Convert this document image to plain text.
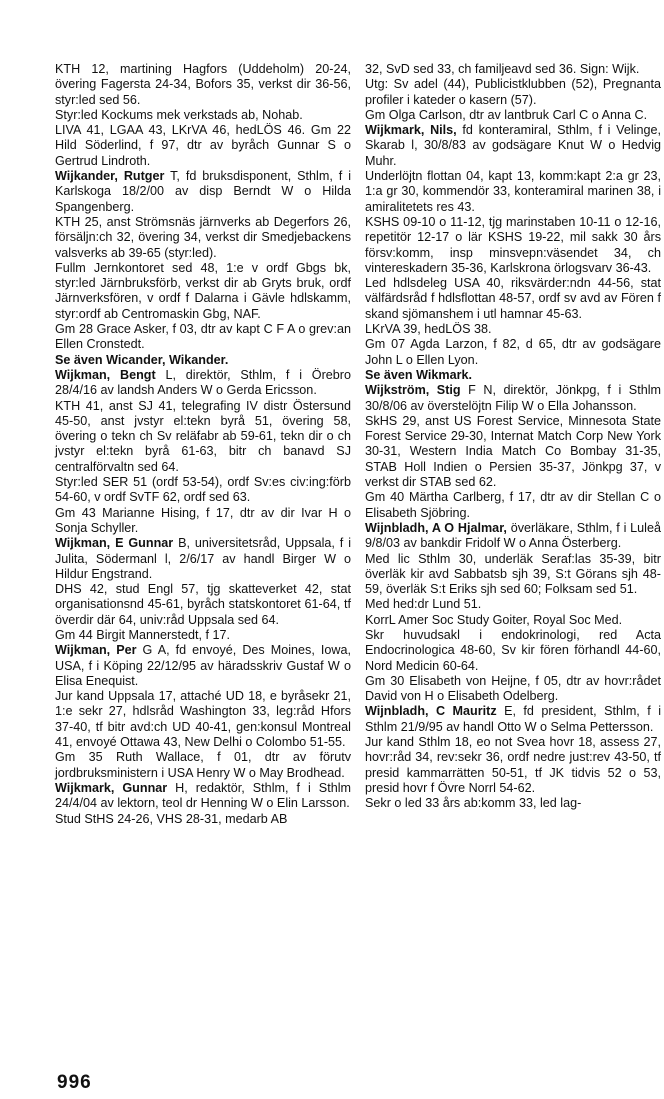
KTH 12, martining Hagfors (Uddeholm) 20-24, övering Fagersta 24-34, Bofors 35, verkst dir 36-56, styr:led sed 56.
Styr:led Kockums mek verkstads ab, Nohab.
LIVA 41, LGAA 43, LKrVA 46, hedLÖS 46. Gm 22 Hild Söderlind, f 97, dtr av byråch Gunnar S o Gertrud Lindroth.
Wijkander, Rutger T, fd bruksdisponent, Sthlm, f i Karlskoga 18/2/00 av disp Berndt W o Hilda Spangenberg.
KTH 25, anst Strömsnäs järnverks ab Degerfors 26, försäljn:ch 32, övering 34, verkst dir Smedjebackens valsverks ab 39-65 (styr:led).
Fullm Jernkontoret sed 48, 1:e v ordf Gbgs bk, styr:led Järnbruksförb, verkst dir ab Gryts bruk, ordf Järnverksfören, v ordf f Dalarna i Gävle hdlskamm, styr:ordf ab Centromaskin Gbg, NAF.
Gm 28 Grace Asker, f 03, dtr av kapt C F A o grev:an Ellen Cronstedt.
Se även Wicander, Wikander.
Wijkman, Bengt L, direktör, Sthlm, f i Örebro 28/4/16 av landsh Anders W o Gerda Ericsson.
KTH 41, anst SJ 41, telegrafing IV distr Östersund 45-50, anst jvstyr el:tekn byrå 51, övering 58, övering o tekn ch Sv reläfabr ab 59-61, tekn dir o ch jvstyr el:tekn byrå 61-63, bitr ch banavd SJ centralförvaltn sed 64.
Styr:led SER 51 (ordf 53-54), ordf Sv:es civ:ing:förb 54-60, v ordf SvTF 62, ordf sed 63.
Gm 43 Marianne Hising, f 17, dtr av dir Ivar H o Sonja Schyller.
Wijkman, E Gunnar B, universitetsråd, Uppsala, f i Julita, Södermanl l, 2/6/17 av handl Birger W o Hildur Engstrand.
DHS 42, stud Engl 57, tjg skatteverket 42, stat organisationsnd 45-61, byråch statskontoret 61-64, tf överdir där 64, univ:råd Uppsala sed 64.
Gm 44 Birgit Mannerstedt, f 17.
Wijkman, Per G A, fd envoyé, Des Moines, Iowa, USA, f i Köping 22/12/95 av häradsskriv Gustaf W o Elisa Enequist.
Jur kand Uppsala 17, attaché UD 18, e byråsekr 21, 1:e sekr 27, hdlsråd Washington 33, leg:råd Hfors 37-40, tf bitr avd:ch UD 40-41, gen:konsul Montreal 41, envoyé Ottawa 43, New Delhi o Colombo 51-55.
Gm 35 Ruth Wallace, f 01, dtr av förutv jordbruksministern i USA Henry W o May Brodhead.
Wijkmark, Gunnar H, redaktör, Sthlm, f i Sthlm 24/4/04 av lektorn, teol dr Henning W o Elin Larsson.
Stud StHS 24-26, VHS 28-31, medarb AB
32, SvD sed 33, ch familjeavd sed 36. Sign: Wijk.
Utg: Sv adel (44), Publicistklubben (52), Pregnanta profiler i kateder o kasern (57).
Gm Olga Carlson, dtr av lantbruk Carl C o Anna C.
Wijkmark, Nils, fd konteramiral, Sthlm, f i Velinge, Skarab l, 30/8/83 av godsägare Knut W o Hedvig Muhr.
Underlöjtn flottan 04, kapt 13, komm:kapt 2:a gr 23, 1:a gr 30, kommendör 33, konteramiral marinen 38, i amiralitetets res 43.
KSHS 09-10 o 11-12, tjg marinstaben 10-11 o 12-16, repetitör 12-17 o lär KSHS 19-22, mil sakk 30 års försv:komm, insp minsvepn:väsendet 34, ch vintereskadern 35-36, Karlskrona örlogsvarv 36-43.
Led hdlsdeleg USA 40, riksvärder:ndn 44-56, stat välfärdsråd f hdlsflottan 48-57, ordf sv avd av Fören f skand sjömanshem i utl hamnar 45-63.
LKrVA 39, hedLÖS 38.
Gm 07 Agda Larzon, f 82, d 65, dtr av godsägare John L o Ellen Lyon.
Se även Wikmark.
Wijkström, Stig F N, direktör, Jönkpg, f i Sthlm 30/8/06 av överstelöjtn Filip W o Ella Johansson.
SkHS 29, anst US Forest Service, Minnesota State Forest Service 29-30, Internat Match Corp New York 30-31, Western India Match Co Bombay 31-35, STAB Holl Indien o Persien 35-37, Jönkpg 37, v verkst dir STAB sed 62.
Gm 40 Märtha Carlberg, f 17, dtr av dir Stellan C o Elisabeth Sjöbring.
Wijnbladh, A O Hjalmar, överläkare, Sthlm, f i Luleå 9/8/03 av bankdir Fridolf W o Anna Österberg.
Med lic Sthlm 30, underläk Seraf:las 35-39, bitr överläk kir avd Sabbatsb sjh 39, S:t Görans sjh 48-59, överläk S:t Eriks sjh sed 60; Folksam sed 51.
Med hed:dr Lund 51.
KorrL Amer Soc Study Goiter, Royal Soc Med.
Skr huvudsakl i endokrinologi, red Acta Endocrinologica 48-60, Sv kir fören förhandl 44-60, Nord Medicin 60-64.
Gm 30 Elisabeth von Heijne, f 05, dtr av hovr:rådet David von H o Elisabeth Odelberg.
Wijnbladh, C Mauritz E, fd president, Sthlm, f i Sthlm 21/9/95 av handl Otto W o Selma Pettersson.
Jur kand Sthlm 18, eo not Svea hovr 18, assess 27, hovr:råd 34, rev:sekr 36, ordf nedre just:rev 43-50, tf presid kammarrätten 50-51, tf JK tidvis 52 o 53, presid hovr f Övre Norrl 54-62.
Sekr o led 33 års ab:komm 33, led lag-
996
